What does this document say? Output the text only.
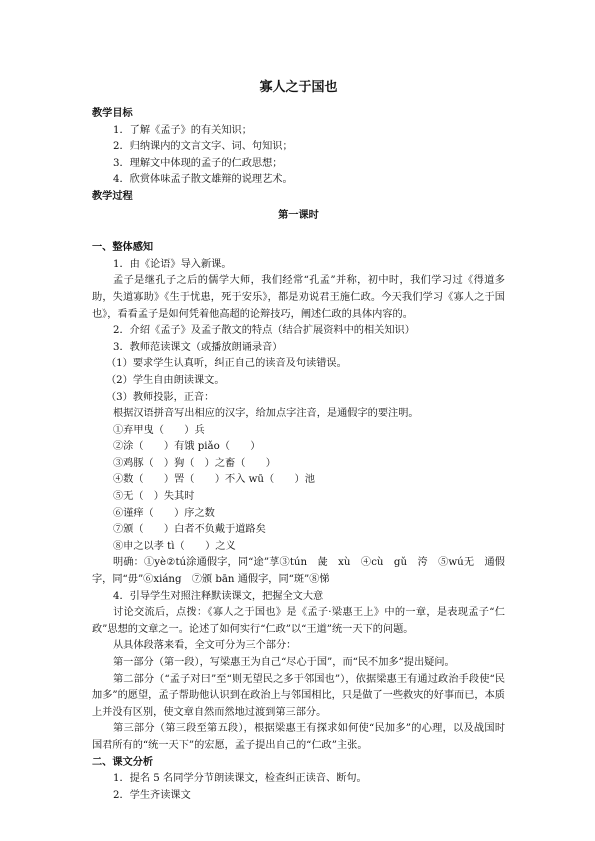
寡人之于国也
教学目标
1．了解《孟子》的有关知识；
2．归纳课内的文言文字、词、句知识；
3．理解文中体现的孟子的仁政思想；
4．欣赏体味孟子散文雄辩的说理艺术。
教学过程
第一课时
一、整体感知
1．由《论语》导入新课。
孟子是继孔子之后的儒学大师，我们经常“孔孟”并称，初中时，我们学习过《得道多助，失道寡助》《生于忧患，死于安乐》，都是劝说君王施仁政。今天我们学习《寡人之于国也》，看看孟子是如何凭着他高超的论辩技巧，阐述仁政的具体内容的。
2．介绍《孟子》及孟子散文的特点（结合扩展资料中的相关知识）
3．教师范读课文（或播放朗诵录音）
（1）要求学生认真听，纠正自己的读音及句读错误。
（2）学生自由朗读课文。
（3）教师投影，正音：
根据汉语拼音写出相应的汉字，给加点字注音，是通假字的要注明。
①弃甲曳（　　）兵
②涂（　　）有饿 piǎo（　　）
③鸡豚（　）狗（　）之畜（　　）
④数（　　）罟（　　）不入 wū（　　）池
⑤无（　）失其时
⑥谨痒（　　）序之数
⑦颁（　　）白者不负戴于道路矣
⑧申之以孝 tì（　　）之义
明确：①yè②tú涂通假字，同“途”莩③tún　彘　xù　④cù　gǔ　洿　⑤wú无　通假字，同“毋”⑥xiáng　⑦颁 bān 通假字，同“斑”⑧悌
4．引导学生对照注释默读课文，把握全文大意
讨论交流后，点拨：《寡人之于国也》是《孟子·梁惠王上》中的一章，是表现孟子“仁政”思想的文章之一。论述了如何实行“仁政”以“王道”统一天下的问题。
从具体段落来看，全文可分为三个部分：
第一部分（第一段），写梁惠王为自己“尽心于国”，而“民不加多”提出疑问。
第二部分（“孟子对曰”至“则无望民之多于邻国也”），依据梁惠王有通过政治手段使“民加多”的愿望，孟子帮助他认识到在政治上与邻国相比，只是做了一些救灾的好事而已，本质上并没有区别，使文章自然而然地过渡到第三部分。
第三部分（第三段至第五段），根据梁惠王有探求如何使“民加多”的心理，以及战国时国君所有的“统一天下”的宏愿，孟子提出自己的“仁政”主张。
二、课文分析
1．提名 5 名同学分节朗读课文，检查纠正读音、断句。
2．学生齐读课文
